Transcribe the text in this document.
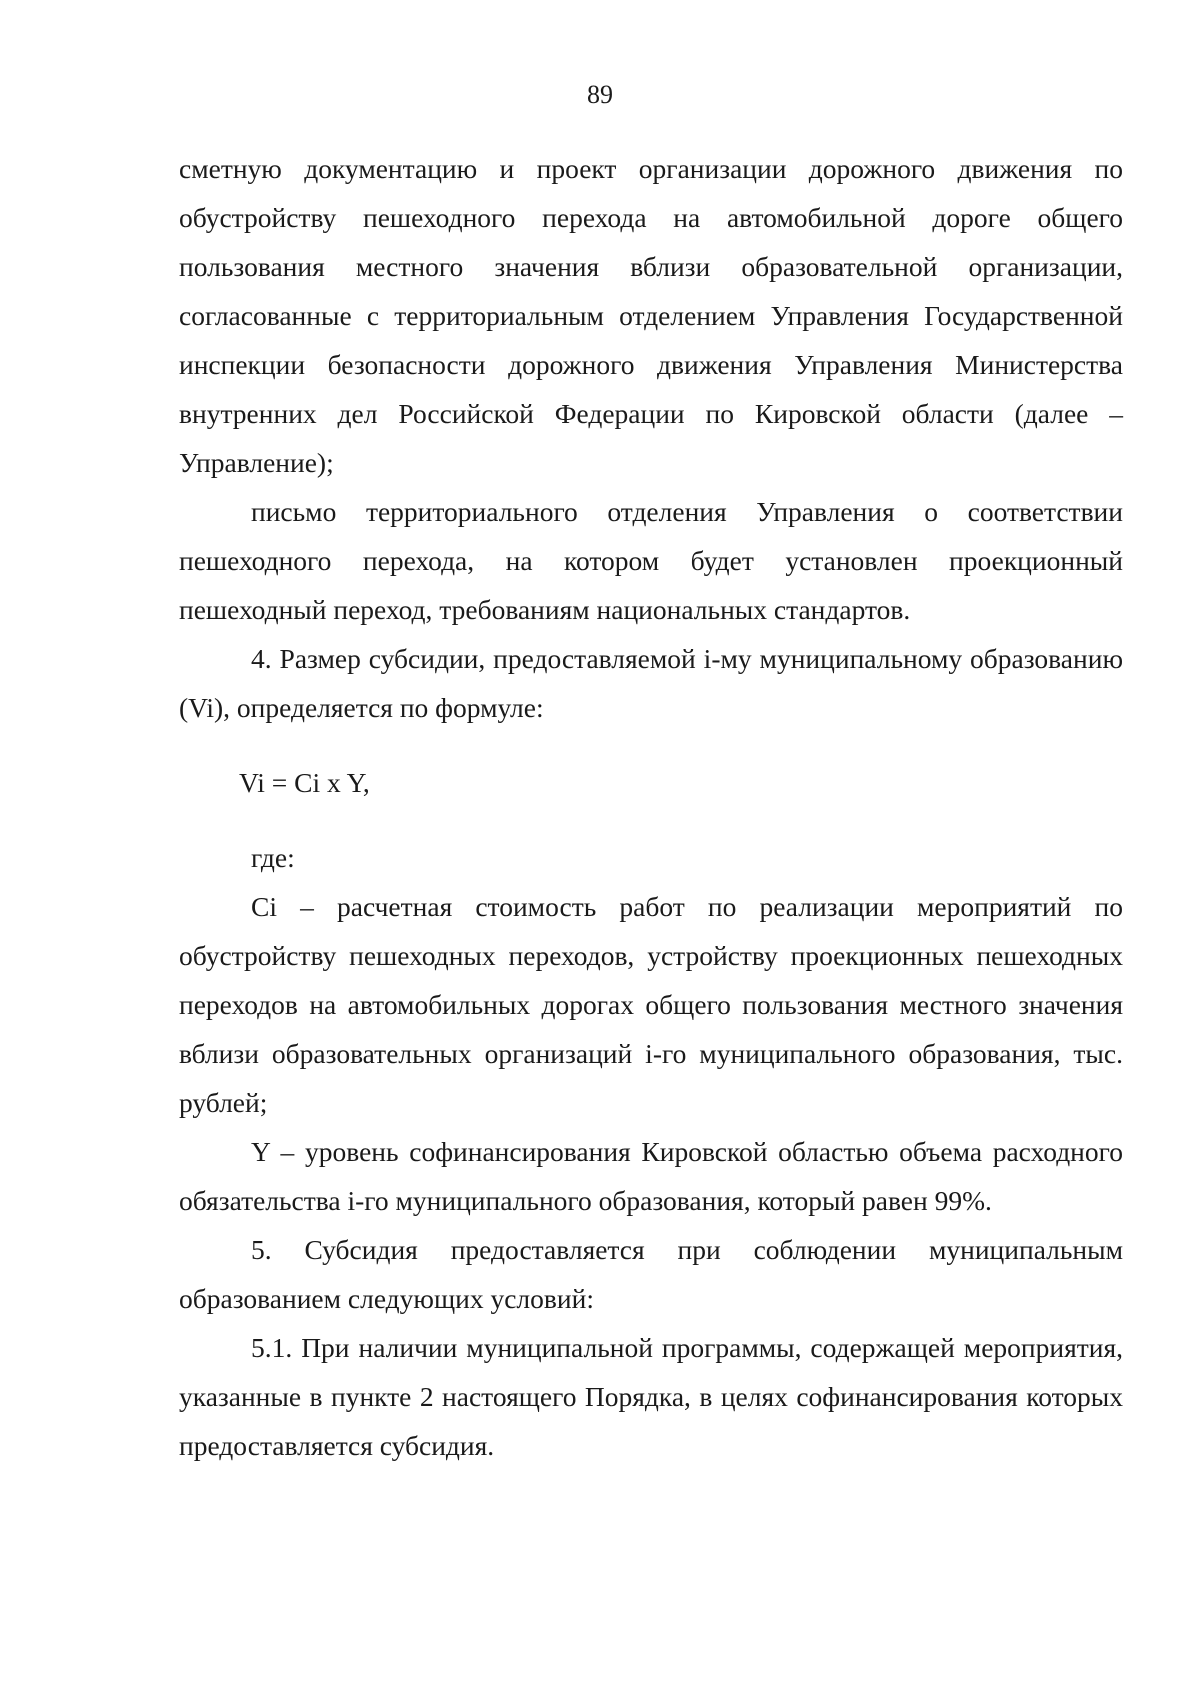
89

сметную документацию и проект организации дорожного движения по обустройству пешеходного перехода на автомобильной дороге общего пользования местного значения вблизи образовательной организации, согласованные с территориальным отделением Управления Государственной инспекции безопасности дорожного движения Управления Министерства внутренних дел Российской Федерации по Кировской области (далее – Управление);

письмо территориального отделения Управления о соответствии пешеходного перехода, на котором будет установлен проекционный пешеходный переход, требованиям национальных стандартов.

4. Размер субсидии, предоставляемой i-му муниципальному образованию (Vi), определяется по формуле:

Vi = Ci x Y,

где:

Ci – расчетная стоимость работ по реализации мероприятий по обустройству пешеходных переходов, устройству проекционных пешеходных переходов на автомобильных дорогах общего пользования местного значения вблизи образовательных организаций i-го муниципального образования, тыс. рублей;

Y – уровень софинансирования Кировской областью объема расходного обязательства i-го муниципального образования, который равен 99%.

5. Субсидия предоставляется при соблюдении муниципальным образованием следующих условий:

5.1. При наличии муниципальной программы, содержащей мероприятия, указанные в пункте 2 настоящего Порядка, в целях софинансирования которых предоставляется субсидия.
